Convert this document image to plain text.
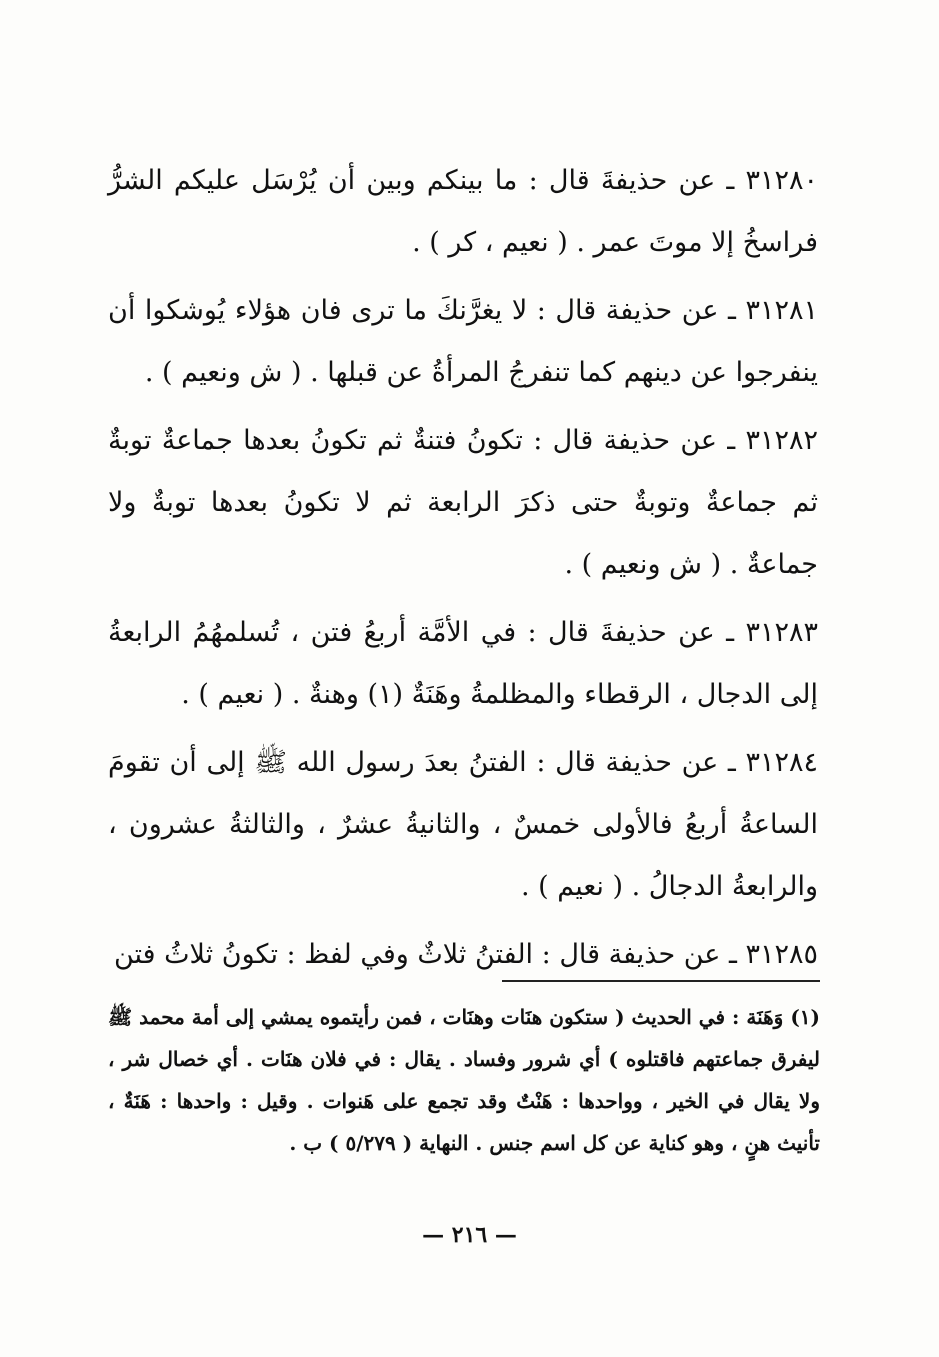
٣١٢٨٠ ـ عن حذيفةَ قال : ما بينكم وبين أن يُرْسَل عليكم الشرُّ فراسخُ إلا موتَ عمر . ( نعيم ، كر ) .

٣١٢٨١ ـ عن حذيفة قال : لا يغرَّنكَ ما ترى فان هؤلاء يُوشكوا أن ينفرجوا عن دينهم كما تنفرجُ المرأةُ عن قبلها . ( ش ونعيم ) .

٣١٢٨٢ ـ عن حذيفة قال : تكونُ فتنةٌ ثم تكونُ بعدها جماعةٌ توبةٌ ثم جماعةٌ وتوبةٌ حتى ذكرَ الرابعة ثم لا تكونُ بعدها توبةٌ ولا جماعةٌ . ( ش ونعيم ) .

٣١٢٨٣ ـ عن حذيفةَ قال : في الأمَّة أربعُ فتن ، تُسلمهُمُ الرابعةُ إلى الدجال ، الرقطاء والمظلمةُ وهَنَةٌ (١) وهنةٌ . ( نعيم ) .

٣١٢٨٤ ـ عن حذيفة قال : الفتنُ بعدَ رسول الله ﷺ إلى أن تقومَ الساعةُ أربعُ فالأولى خمسٌ ، والثانيةُ عشرٌ ، والثالثةُ عشرون ، والرابعةُ الدجالُ . ( نعيم ) .

٣١٢٨٥ ـ عن حذيفة قال : الفتنُ ثلاثٌ وفي لفظ : تكونُ ثلاثُ فتن

(١) وَهَنَة : في الحديث ( ستكون هنَات وهنَات ، فمن رأيتموه يمشي إلى أمة محمد ﷺ ليفرق جماعتهم فاقتلوه ) أي شرور وفساد . يقال : في فلان هنَات . أي خصال شر ، ولا يقال في الخير ، وواحدها : هَنْتٌ وقد تجمع على هَنوات . وقيل : واحدها : هَنَةٌ ، تأنيث هنٍ ، وهو كناية عن كل اسم جنس . النهاية ( ٥/٢٧٩ ) ب .

— ٢١٦ —
